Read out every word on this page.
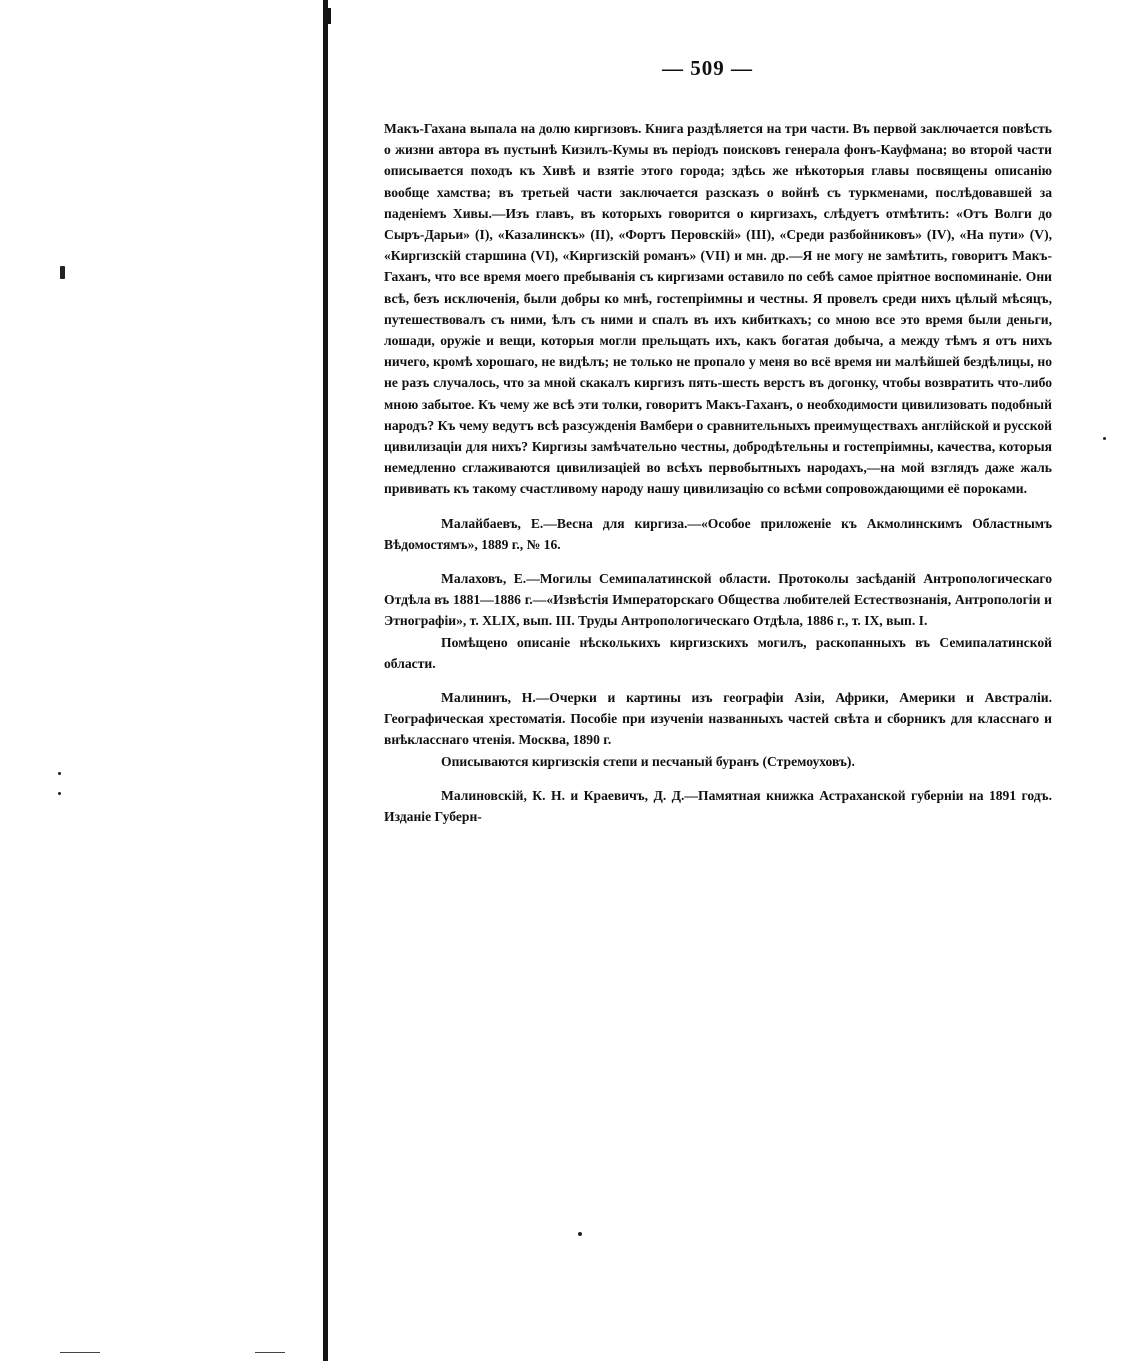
— 509 —

Макъ-Гахана выпала на долю киргизовъ. Книга раздѣляется на три части. Въ первой заключается повѣсть о жизни автора въ пустынѣ Кизилъ-Кумы въ періодъ поисковъ генерала фонъ-Кауфмана; во второй части описывается походъ къ Хивѣ и взятіе этого города; здѣсь же нѣкоторыя главы посвящены описанію вообще хамства; въ третьей части заключается разсказъ о войнѣ съ туркменами, послѣдовавшей за паденіемъ Хивы.—Изъ главъ, въ которыхъ говорится о киргизахъ, слѣдуетъ отмѣтить: «Отъ Волги до Сыръ-Дарьи» (I), «Казалинскъ» (II), «Фортъ Перовскій» (III), «Среди разбойниковъ» (IV), «На пути» (V), «Киргизскій старшина (VI), «Киргизскій романъ» (VII) и мн. др.—Я не могу не замѣтить, говоритъ Макъ-Гаханъ, что все время моего пребыванія съ киргизами оставило по себѣ самое пріятное воспоминаніе. Они всѣ, безъ исключенія, были добры ко мнѣ, гостепріимны и честны. Я провелъ среди нихъ цѣлый мѣсяцъ, путешествовалъ съ ними, ѣлъ съ ними и спалъ въ ихъ кибиткахъ; со мною все это время были деньги, лошади, оружіе и вещи, которыя могли прельщать ихъ, какъ богатая добыча, а между тѣмъ я отъ нихъ ничего, кромѣ хорошаго, не видѣлъ; не только не пропало у меня во всё время ни малѣйшей бездѣлицы, но не разъ случалось, что за мной скакалъ киргизъ пять-шесть верстъ въ догонку, чтобы возвратить что-либо мною забытое. Къ чему же всѣ эти толки, говоритъ Макъ-Гаханъ, о необходимости цивилизовать подобный народъ? Къ чему ведутъ всѣ разсужденія Вамбери о сравнительныхъ преимуществахъ англійской и русской цивилизаціи для нихъ? Киргизы замѣчательно честны, добродѣтельны и гостепріимны, качества, которыя немедленно сглаживаются цивилизаціей во всѣхъ первобытныхъ народахъ,—на мой взглядъ даже жаль прививать къ такому счастливому народу нашу цивилизацію со всѣми сопровождающими её пороками.

Малайбаевъ, Е.—Весна для киргиза.—«Особое приложеніе къ Акмолинскимъ Областнымъ Вѣдомостямъ», 1889 г., № 16.

Малаховъ, Е.—Могилы Семипалатинской области. Протоколы засѣданій Антропологическаго Отдѣла въ 1881—1886 г.—«Извѣстія Императорскаго Общества любителей Естествознанія, Антропологіи и Этнографіи», т. XLIX, вып. III. Труды Антропологическаго Отдѣла, 1886 г., т. IX, вып. I.

Помѣщено описаніе нѣсколькихъ киргизскихъ могилъ, раскопанныхъ въ Семипалатинской области.

Малининъ, Н.—Очерки и картины изъ географіи Азіи, Африки, Америки и Австраліи. Географическая хрестоматія. Пособіе при изученіи названныхъ частей свѣта и сборникъ для класснаго и внѣкласснаго чтенія. Москва, 1890 г.

Описываются киргизскія степи и песчаный буранъ (Стремоуховъ).

Малиновскій, К. Н. и Краевичъ, Д. Д.—Памятная книжка Астраханской губерніи на 1891 годъ. Изданіе Губерн-
